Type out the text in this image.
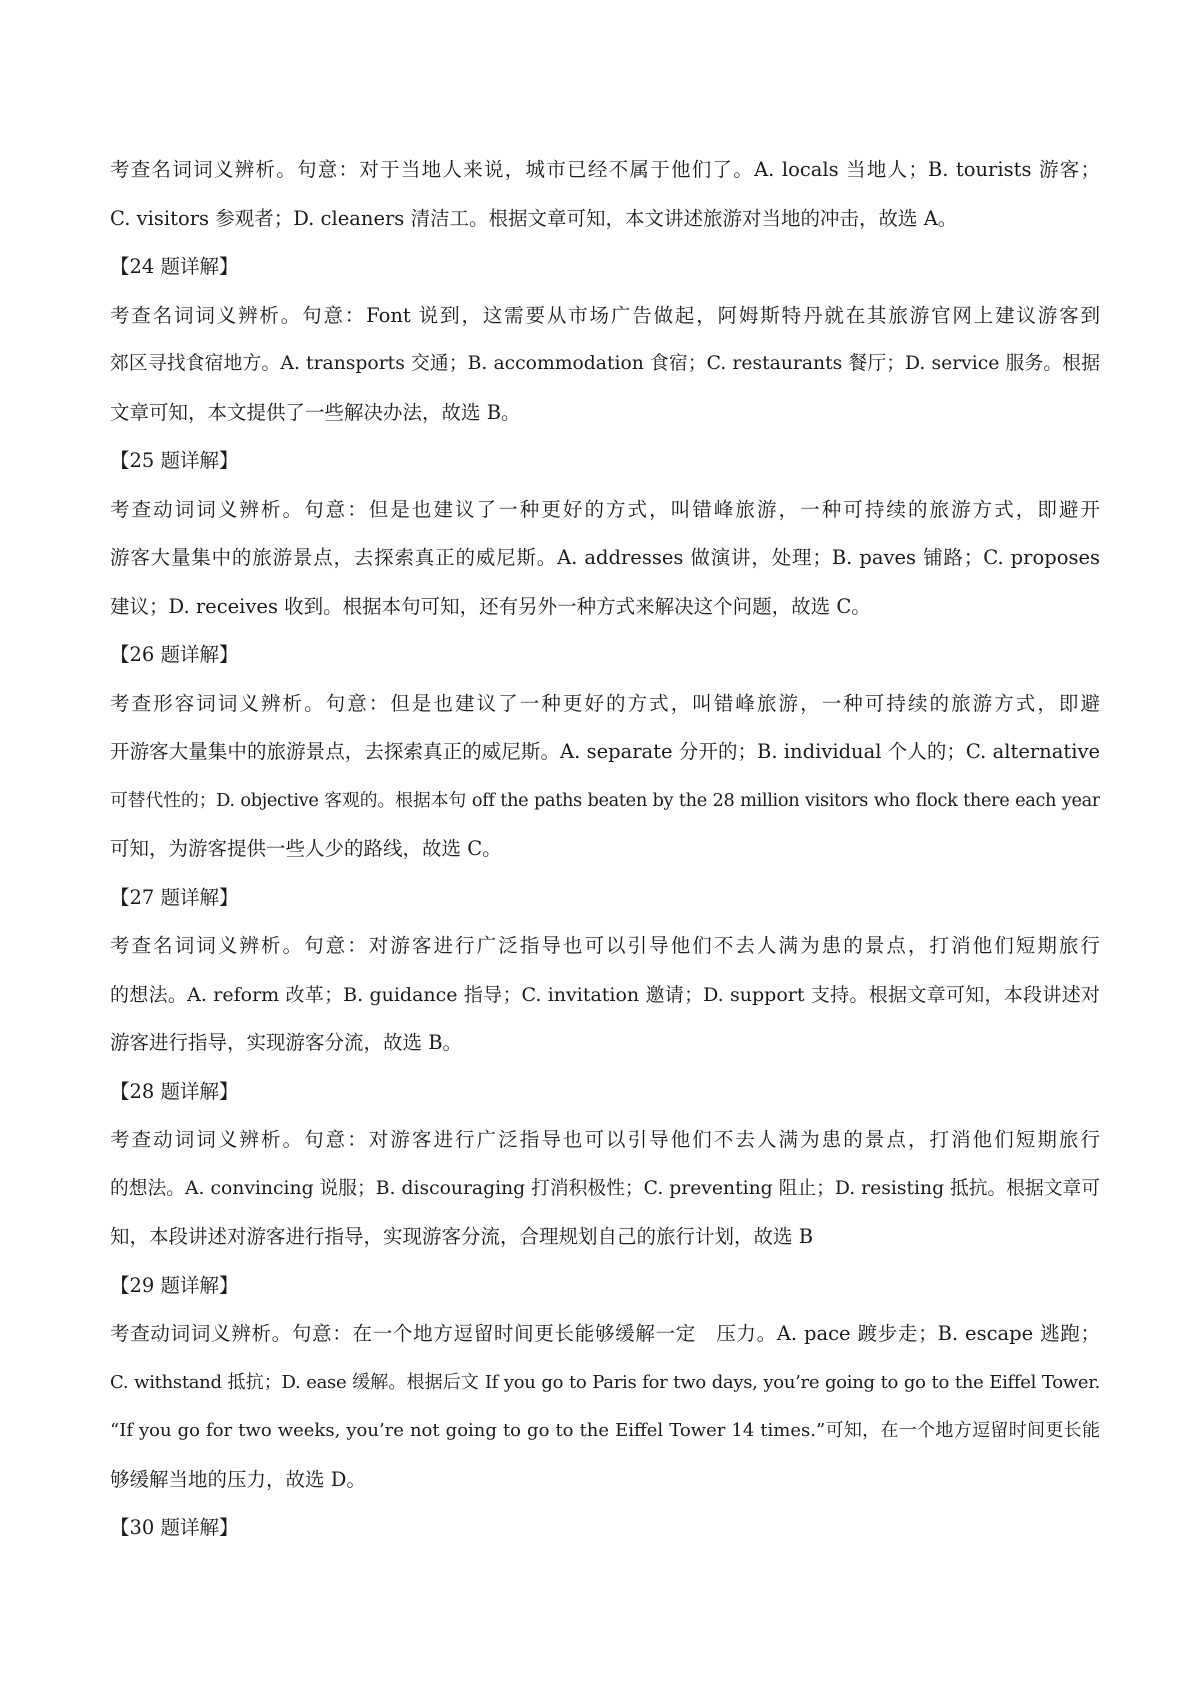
考查名词词义辨析。句意：对于当地人来说，城市已经不属于他们了。A. locals 当地人；B. tourists 游客；
C. visitors 参观者；D. cleaners 清洁工。根据文章可知，本文讲述旅游对当地的冲击，故选 A。
【24 题详解】
考查名词词义辨析。句意：Font 说到，这需要从市场广告做起，阿姆斯特丹就在其旅游官网上建议游客到
郊区寻找食宿地方。A. transports 交通；B. accommodation 食宿；C. restaurants 餐厅；D. service 服务。根据
文章可知，本文提供了一些解决办法，故选 B。
【25 题详解】
考查动词词义辨析。句意：但是也建议了一种更好的方式，叫错峰旅游，一种可持续的旅游方式，即避开
游客大量集中的旅游景点，去探索真正的威尼斯。A. addresses 做演讲，处理；B. paves 铺路；C. proposes
建议；D. receives 收到。根据本句可知，还有另外一种方式来解决这个问题，故选 C。
【26 题详解】
考查形容词词义辨析。句意：但是也建议了一种更好的方式，叫错峰旅游，一种可持续的旅游方式，即避
开游客大量集中的旅游景点，去探索真正的威尼斯。A. separate 分开的；B. individual 个人的；C. alternative
可替代性的；D. objective 客观的。根据本句 off the paths beaten by the 28 million visitors who flock there each year
可知，为游客提供一些人少的路线，故选 C。
【27 题详解】
考查名词词义辨析。句意：对游客进行广泛指导也可以引导他们不去人满为患的景点，打消他们短期旅行
的想法。A. reform 改革；B. guidance 指导；C. invitation 邀请；D. support 支持。根据文章可知，本段讲述对
游客进行指导，实现游客分流，故选 B。
【28 题详解】
考查动词词义辨析。句意：对游客进行广泛指导也可以引导他们不去人满为患的景点，打消他们短期旅行
的想法。A. convincing 说服；B. discouraging 打消积极性；C. preventing 阻止；D. resisting 抵抗。根据文章可
知，本段讲述对游客进行指导，实现游客分流，合理规划自己的旅行计划，故选 B
【29 题详解】
考查动词词义辨析。句意：在一个地方逗留时间更长能够缓解一定　压力。A. pace 踱步走；B. escape 逃跑；
C. withstand 抵抗；D. ease 缓解。根据后文 If you go to Paris for two days, you’re going to go to the Eiffel Tower.
“If you go for two weeks, you’re not going to go to the Eiffel Tower 14 times.”可知，在一个地方逗留时间更长能
够缓解当地的压力，故选 D。
【30 题详解】
